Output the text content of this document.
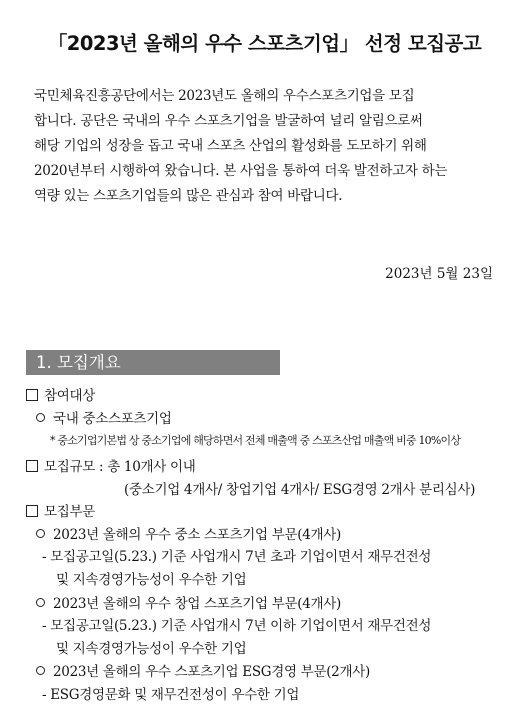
「2023년 올해의 우수 스포츠기업」 선정 모집공고
국민체육진흥공단에서는 2023년도 올해의 우수스포츠기업을 모집
합니다. 공단은 국내의 우수 스포츠기업을 발굴하여 널리 알림으로써
해당 기업의 성장을 돕고 국내 스포츠 산업의 활성화를 도모하기 위해
2020년부터 시행하여 왔습니다. 본 사업을 통하여 더욱 발전하고자 하는
역량 있는 스포츠기업들의 많은 관심과 참여 바랍니다.
2023년 5월 23일
1. 모집개요
참여대상
국내 중소스포츠기업
* 중소기업기본법 상 중소기업에 해당하면서 전체 매출액 중 스포츠산업 매출액 비중 10%이상
모집규모 : 총 10개사 이내
(중소기업 4개사/ 창업기업 4개사/ ESG경영 2개사 분리심사)
모집부문
2023년 올해의 우수 중소 스포츠기업 부문(4개사)
- 모집공고일(5.23.) 기준 사업개시 7년 초과 기업이면서 재무건전성
및 지속경영가능성이 우수한 기업
2023년 올해의 우수 창업 스포츠기업 부문(4개사)
- 모집공고일(5.23.) 기준 사업개시 7년 이하 기업이면서 재무건전성
및 지속경영가능성이 우수한 기업
2023년 올해의 우수 스포츠기업 ESG경영 부문(2개사)
- ESG경영문화 및 재무건전성이 우수한 기업
